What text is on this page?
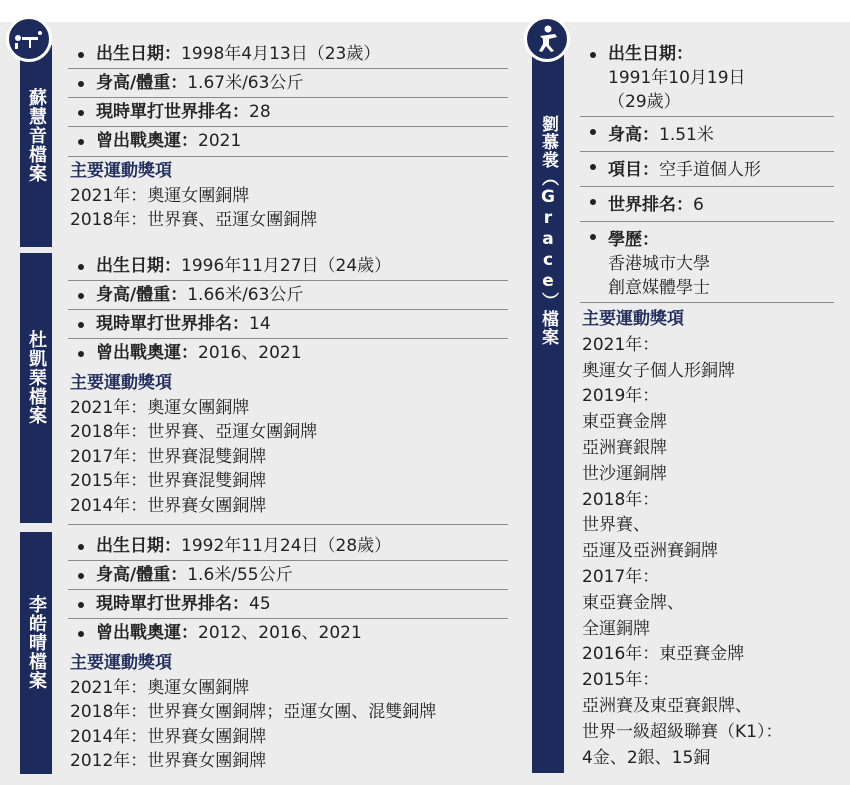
蘇慧音檔案
出生日期：1998年4月13日（23歲）
身高/體重：1.67米/63公斤
現時單打世界排名：28
曾出戰奧運：2021
主要運動獎項
2021年：奧運女團銅牌
2018年：世界賽、亞運女團銅牌
杜凱琹檔案
出生日期：1996年11月27日（24歲）
身高/體重：1.66米/63公斤
現時單打世界排名：14
曾出戰奧運：2016、2021
主要運動獎項
2021年：奧運女團銅牌
2018年：世界賽、亞運女團銅牌
2017年：世界賽混雙銅牌
2015年：世界賽混雙銅牌
2014年：世界賽女團銅牌
李皓晴檔案
出生日期：1992年11月24日（28歲）
身高/體重：1.6米/55公斤
現時單打世界排名：45
曾出戰奧運：2012、2016、2021
主要運動獎項
2021年：奧運女團銅牌
2018年：世界賽女團銅牌；亞運女團、混雙銅牌
2014年：世界賽女團銅牌
2012年：世界賽女團銅牌
劉慕裳（Grace）檔案
出生日期：
1991年10月19日
（29歲）
身高：1.51米
項目：空手道個人形
世界排名：6
學歷：
香港城市大學
創意媒體學士
主要運動獎項
2021年：
奧運女子個人形銅牌
2019年：
東亞賽金牌
亞洲賽銀牌
世沙運銅牌
2018年：
世界賽、
亞運及亞洲賽銅牌
2017年：
東亞賽金牌、
全運銅牌
2016年：東亞賽金牌
2015年：
亞洲賽及東亞賽銀牌、
世界一級超級聯賽（K1）：
4金、2銀、15銅
